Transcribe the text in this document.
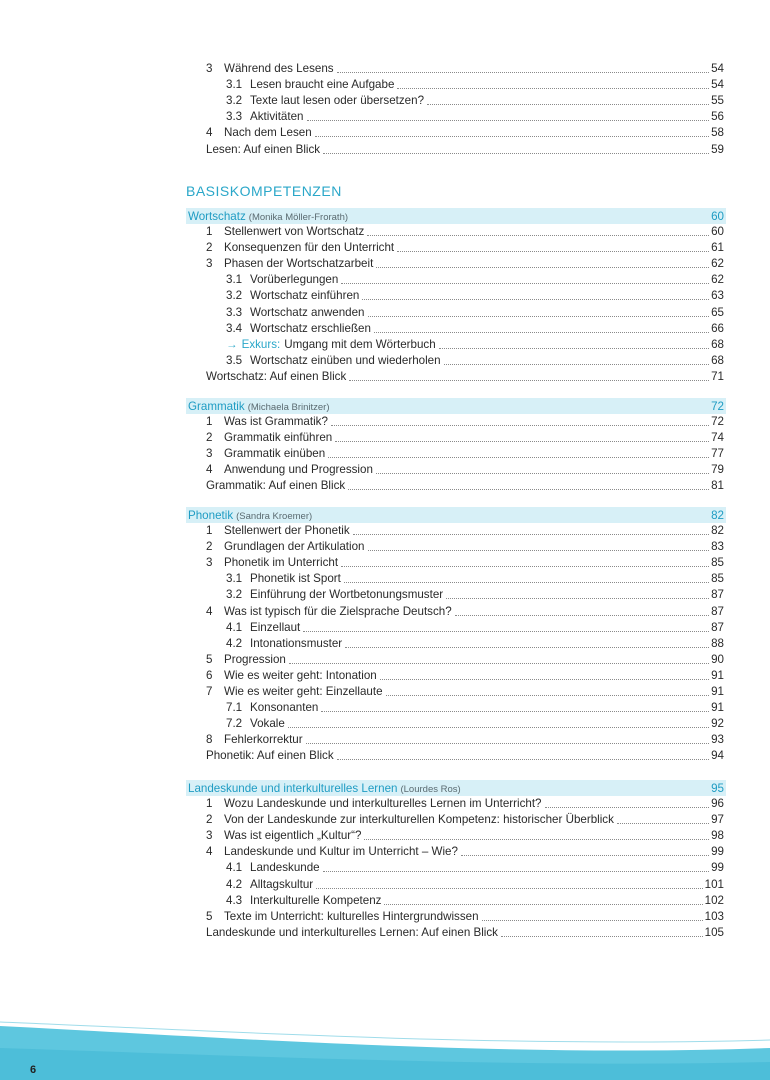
3 Während des Lesens	54
3.1 Lesen braucht eine Aufgabe	54
3.2 Texte laut lesen oder übersetzen?	55
3.3 Aktivitäten	56
4 Nach dem Lesen	58
Lesen: Auf einen Blick	59
Wortschatz (Monika Möller-Frorath)	60
1 Stellenwert von Wortschatz	60
2 Konsequenzen für den Unterricht	61
3 Phasen der Wortschatzarbeit	62
3.1 Vorüberlegungen	62
3.2 Wortschatz einführen	63
3.3 Wortschatz anwenden	65
3.4 Wortschatz erschließen	66
→ Exkurs: Umgang mit dem Wörterbuch	68
3.5 Wortschatz einüben und wiederholen	68
Wortschatz: Auf einen Blick	71
Grammatik (Michaela Brinitzer)	72
1 Was ist Grammatik?	72
2 Grammatik einführen	74
3 Grammatik einüben	77
4 Anwendung und Progression	79
Grammatik: Auf einen Blick	81
Phonetik (Sandra Kroemer)	82
1 Stellenwert der Phonetik	82
2 Grundlagen der Artikulation	83
3 Phonetik im Unterricht	85
3.1 Phonetik ist Sport	85
3.2 Einführung der Wortbetonungsmuster	87
4 Was ist typisch für die Zielsprache Deutsch?	87
4.1 Einzellaut	87
4.2 Intonationsmuster	88
5 Progression	90
6 Wie es weiter geht: Intonation	91
7 Wie es weiter geht: Einzellaute	91
7.1 Konsonanten	91
7.2 Vokale	92
8 Fehlerkorrektur	93
Phonetik: Auf einen Blick	94
Landeskunde und interkulturelles Lernen (Lourdes Ros)	95
1 Wozu Landeskunde und interkulturelles Lernen im Unterricht?	96
2 Von der Landeskunde zur interkulturellen Kompetenz: historischer Überblick	97
3 Was ist eigentlich „Kultur“?	98
4 Landeskunde und Kultur im Unterricht – Wie?	99
4.1 Landeskunde	99
4.2 Alltagskultur	101
4.3 Interkulturelle Kompetenz	102
5 Texte im Unterricht: kulturelles Hintergrundwissen	103
Landeskunde und interkulturelles Lernen: Auf einen Blick	105
BASISKOMPETENZEN
6
